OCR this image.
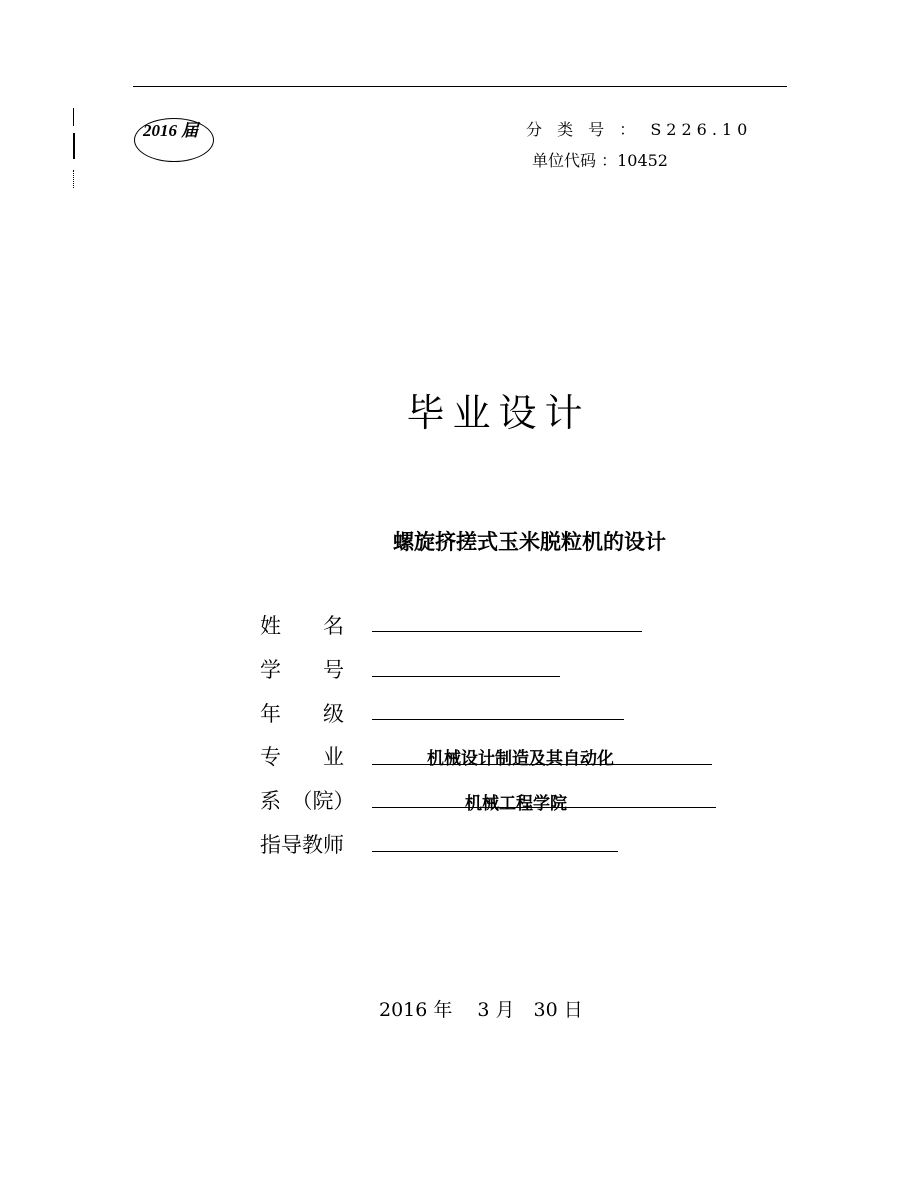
2016 届	分 类 号 ： S226.10
单位代码 ：10452
毕业设计
螺旋挤搓式玉米脱粒机的设计
姓　　名
学　　号
年　　级
专　　业	机械设计制造及其自动化
系　（院）	机械工程学院
指导教师
2016 年　 3 月　30 日
